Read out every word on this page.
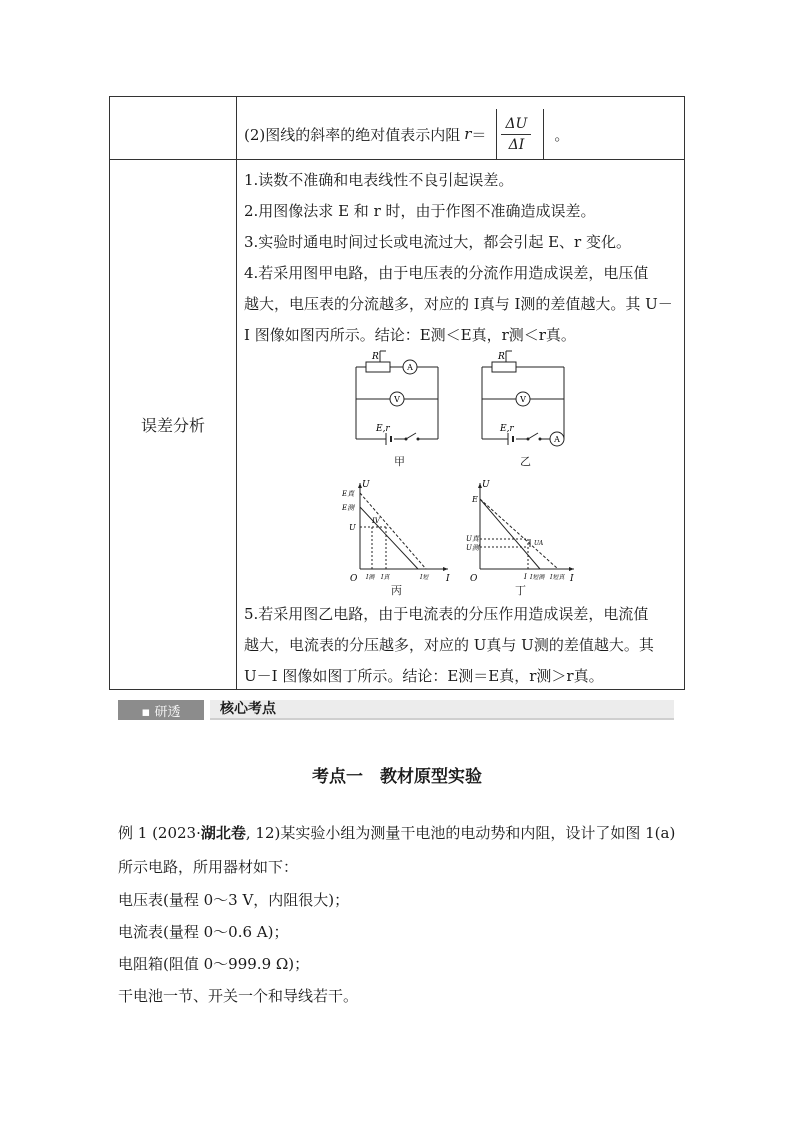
(2)图线的斜率的绝对值表示内阻 $r = \frac{\Delta U}{\Delta I}$ 。
误差分析
1.读数不准确和电表线性不良引起误差。
2.用图像法求 E 和 r 时，由于作图不准确造成误差。
3.实验时通电时间过长或电流过大，都会引起 E、r 变化。
4.若采用图甲电路，由于电压表的分流作用造成误差，电压值
越大，电压表的分流越多，对应的 I真与 I测的差值越大。其 U－
I 图像如图丙所示。结论：E测＜E真，r测＜r真。
R
A
V
E,r
甲
R
V
A
E,r
乙
U
I
O
E真
E测
U
IV
I测 I真	I短
丙
U
E
U真
U测
UA
O	I I短测 I短真 I
丁
5.若采用图乙电路，由于电流表的分压作用造成误差，电流值
越大，电流表的分压越多，对应的 U真与 U测的差值越大。其
U－I 图像如图丁所示。结论：E测＝E真，r测＞r真。
▪ 研透	核心考点
考点一　教材原型实验
例 1 (2023·湖北卷, 12)某实验小组为测量干电池的电动势和内阻，设计了如图 1(a)
所示电路，所用器材如下：
电压表(量程 0～3 V，内阻很大)；
电流表(量程 0～0.6 A)；
电阻箱(阻值 0～999.9 Ω)；
干电池一节、开关一个和导线若干。
